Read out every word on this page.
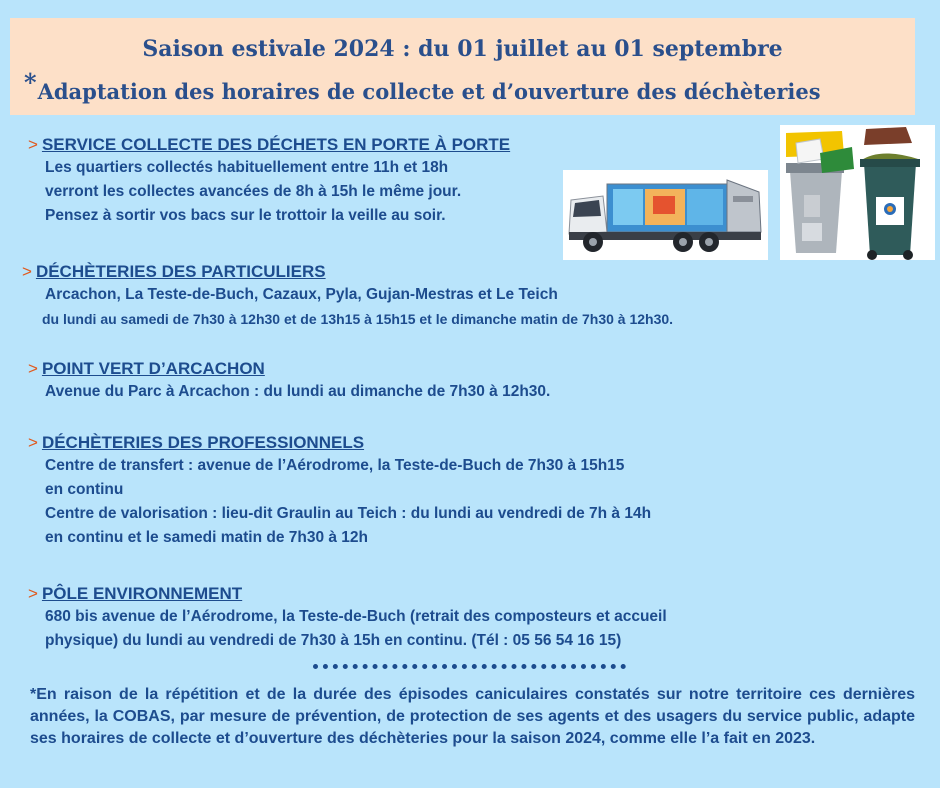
Saison estivale 2024 : du 01 juillet au 01 septembre
*Adaptation des horaires de collecte et d’ouverture des déchèteries
> SERVICE COLLECTE DES DÉCHETS EN PORTE À PORTE
Les quartiers collectés habituellement entre 11h et 18h
verront les collectes avancées de 8h à 15h le même jour.
Pensez à sortir vos bacs sur le trottoir la veille au soir.
> DÉCHÈTERIES DES PARTICULIERS
Arcachon, La Teste-de-Buch, Cazaux, Pyla, Gujan-Mestras et Le Teich
du lundi au samedi de 7h30 à 12h30 et de 13h15 à 15h15 et le dimanche matin de 7h30 à 12h30.
> POINT VERT D’ARCACHON
Avenue du Parc à Arcachon : du lundi au dimanche de 7h30 à 12h30.
> DÉCHÈTERIES DES PROFESSIONNELS
Centre de transfert : avenue de l’Aérodrome, la Teste-de-Buch de 7h30 à 15h15
en continu
Centre de valorisation : lieu-dit Graulin au Teich : du lundi au vendredi de 7h à 14h
en continu et le samedi matin de 7h30 à 12h
> PÔLE ENVIRONNEMENT
680 bis avenue de l’Aérodrome, la Teste-de-Buch (retrait des composteurs et accueil
physique) du lundi au vendredi de 7h30 à 15h en continu. (Tél : 05 56 54 16 15)
*En raison de la répétition et de la durée des épisodes caniculaires constatés sur notre territoire ces dernières années, la COBAS, par mesure de prévention, de protection de ses agents et des usagers du service public, adapte ses horaires de collecte et d’ouverture des déchèteries pour la saison 2024, comme elle l’a fait en 2023.
